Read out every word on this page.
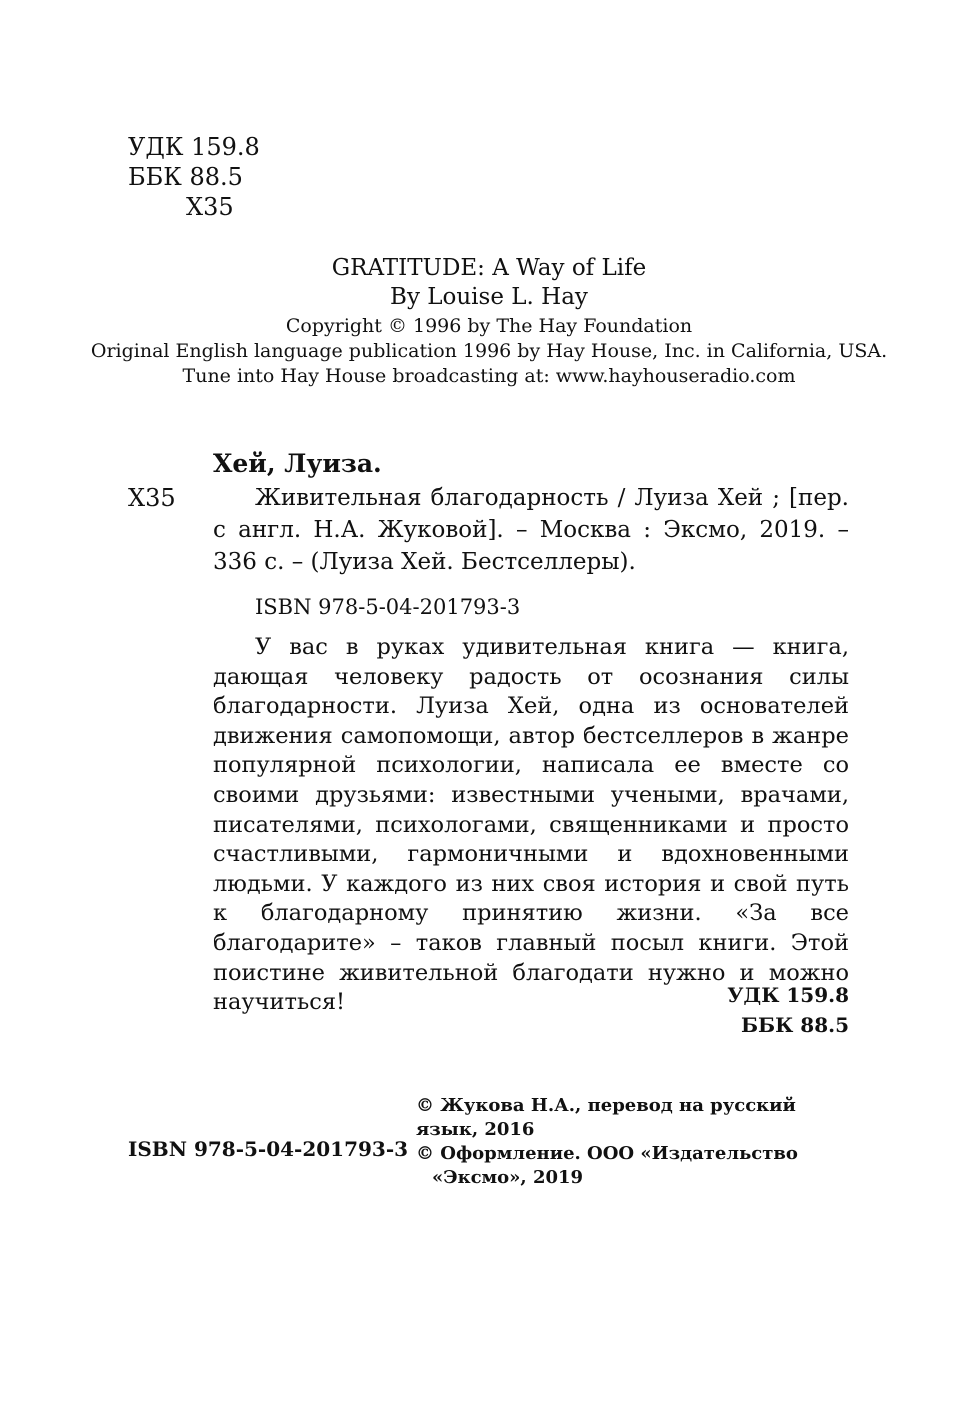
УДК 159.8
ББК 88.5
Х35
GRATITUDE: A Way of Life
By Louise L. Hay
Copyright © 1996 by The Hay Foundation
Original English language publication 1996 by Hay House, Inc. in California, USA.
Tune into Hay House broadcasting at: www.hayhouseradio.com
Хей, Луиза.
Х35	Живительная благодарность / Луиза Хей ; [пер. с англ. Н.А. Жуковой]. – Москва : Эксмо, 2019. – 336 с. – (Луиза Хей. Бестселлеры).
ISBN 978-5-04-201793-3
У вас в руках удивительная книга — книга, дающая человеку радость от осознания силы благодарности. Луиза Хей, одна из основателей движения самопомощи, автор бестселлеров в жанре популярной психологии, написала ее вместе со своими друзьями: известными учеными, врачами, писателями, психологами, священниками и просто счастливыми, гармоничными и вдохновенными людьми. У каждого из них своя история и свой путь к благодарному принятию жизни. «За все благодарите» – таков главный посыл книги. Этой поистине живительной благодати нужно и можно научиться!	УДК 159.8
ББК 88.5
ISBN 978-5-04-201793-3
© Жукова Н.А., перевод на русский язык, 2016
© Оформление. ООО «Издательство
«Эксмо», 2019
